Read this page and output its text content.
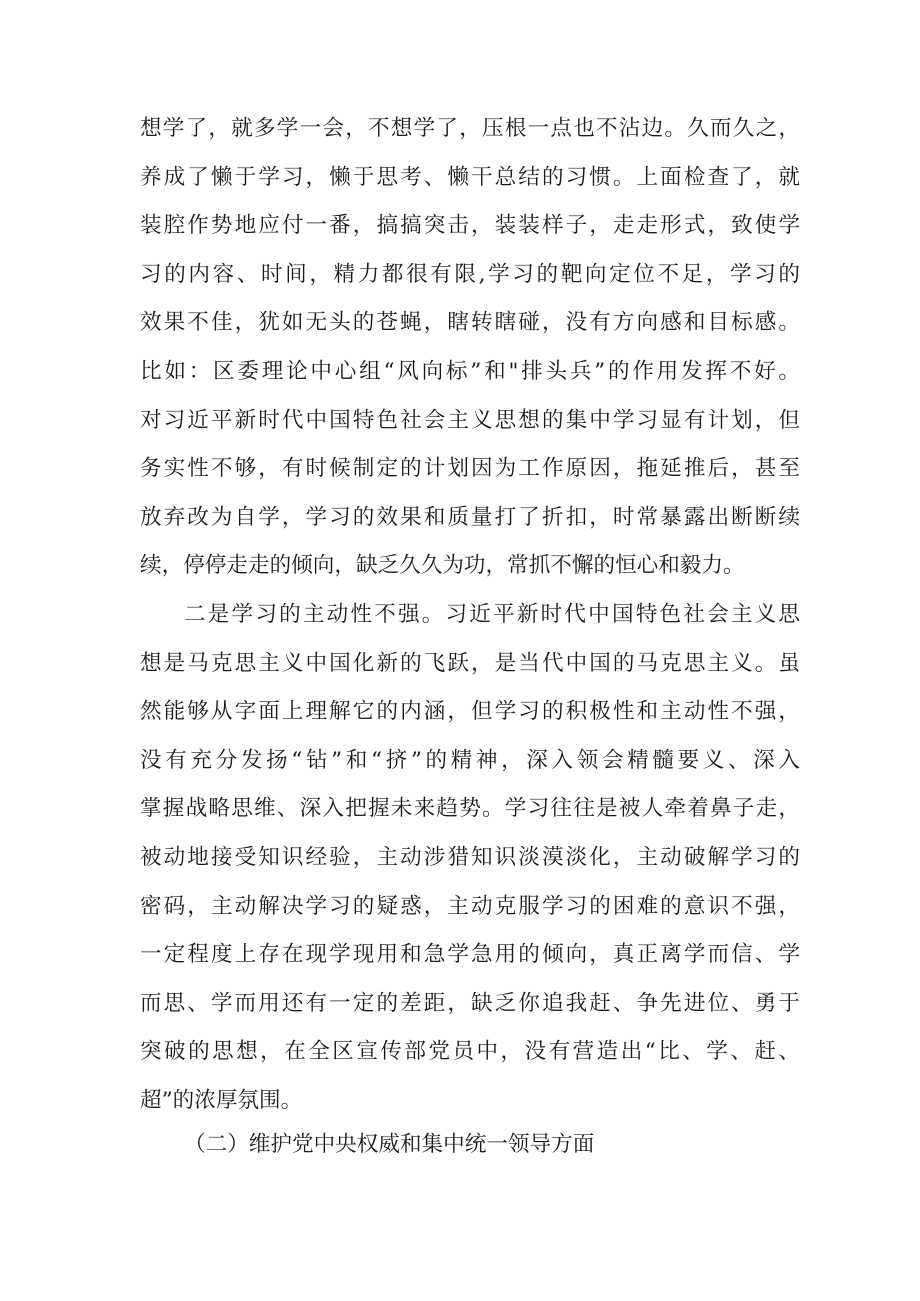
想学了，就多学一会，不想学了，压根一点也不沾边。久而久之，
养成了懒于学习，懒于思考、懒干总结的习惯。上面检查了，就
装腔作势地应付一番，搞搞突击，装装样子，走走形式，致使学
习的内容、时间，精力都很有限,学习的靶向定位不足，学习的
效果不佳，犹如无头的苍蝇，瞎转瞎碰，没有方向感和目标感。
比如：区委理论中心组“风向标”和"排头兵”的作用发挥不好。
对习近平新时代中国特色社会主义思想的集中学习显有计划，但
务实性不够，有时候制定的计划因为工作原因，拖延推后，甚至
放弃改为自学，学习的效果和质量打了折扣，时常暴露出断断续
续，停停走走的倾向，缺乏久久为功，常抓不懈的恒心和毅力。
二是学习的主动性不强。习近平新时代中国特色社会主义思
想是马克思主义中国化新的飞跃，是当代中国的马克思主义。虽
然能够从字面上理解它的内涵，但学习的积极性和主动性不强，
没有充分发扬“钻”和“挤”的精神，深入领会精髓要义、深入
掌握战略思维、深入把握未来趋势。学习往往是被人牵着鼻子走，
被动地接受知识经验，主动涉猎知识淡漠淡化，主动破解学习的
密码，主动解决学习的疑惑，主动克服学习的困难的意识不强，
一定程度上存在现学现用和急学急用的倾向，真正离学而信、学
而思、学而用还有一定的差距，缺乏你追我赶、争先进位、勇于
突破的思想，在全区宣传部党员中，没有营造出“比、学、赶、
超”的浓厚氛围。
（二）维护党中央权威和集中统一领导方面
